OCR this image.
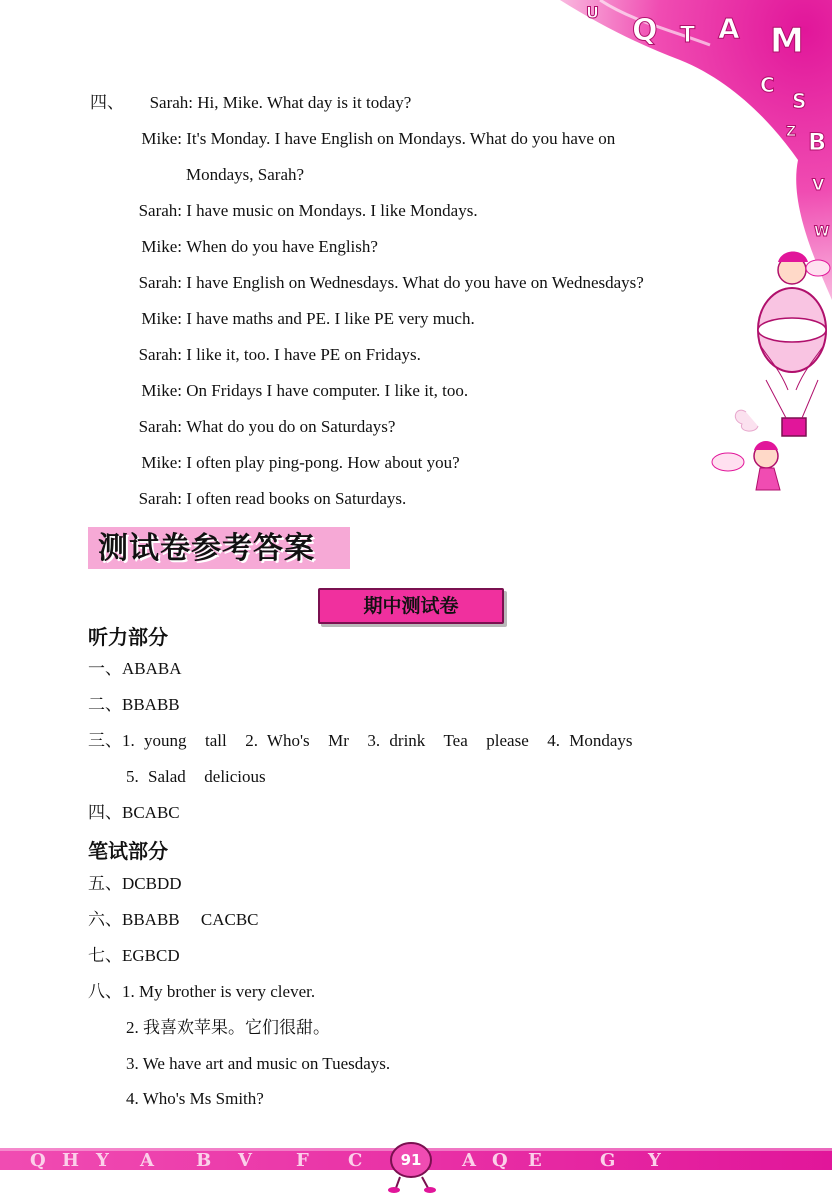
U
Q T A M
C
S
Z B
V
W
四、 Sarah: Hi, Mike. What day is it today?
Mike: It's Monday. I have English on Mondays. What do you have on
Mondays, Sarah?
Sarah: I have music on Mondays. I like Mondays.
Mike: When do you have English?
Sarah: I have English on Wednesdays. What do you have on Wednesdays?
Mike: I have maths and PE. I like PE very much.
Sarah: I like it, too. I have PE on Fridays.
Mike: On Fridays I have computer. I like it, too.
Sarah: What do you do on Saturdays?
Mike: I often play ping-pong. How about you?
Sarah: I often read books on Saturdays.
测试卷参考答案
期中测试卷
听力部分
一、ABABA
二、BBABB
三、1. young  tall  2. Who's  Mr  3. drink  Tea  please  4. Mondays
5. Salad  delicious
四、BCABC
笔试部分
五、DCBDD
六、BBABB     CACBC
七、EGBCD
八、1. My brother is very clever.
2. 我喜欢苹果。它们很甜。
3. We have art and music on Tuesdays.
4. Who's Ms Smith?
Q H Y A B V F C	A Q E	G Y
91
